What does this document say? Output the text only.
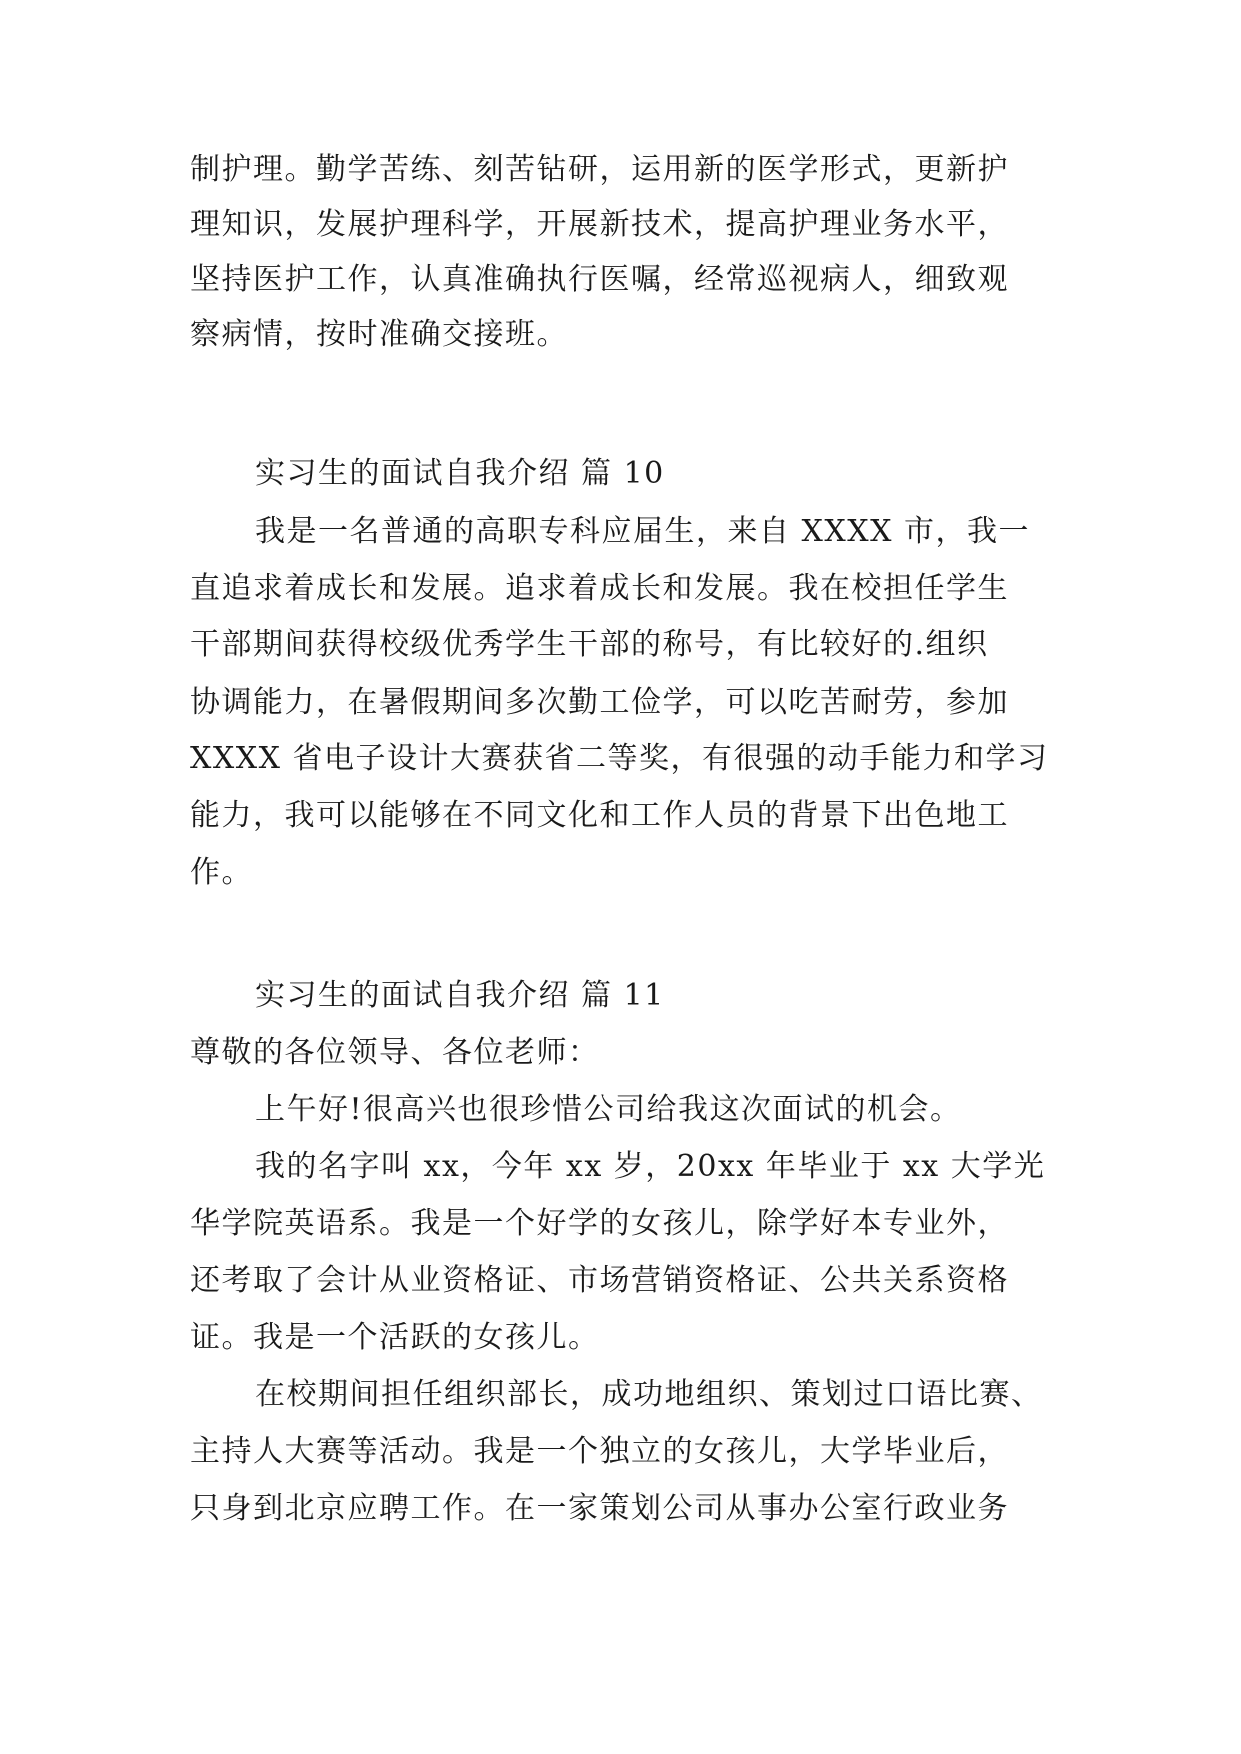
制护理。勤学苦练、刻苦钻研，运用新的医学形式，更新护
理知识，发展护理科学，开展新技术，提高护理业务水平，
坚持医护工作，认真准确执行医嘱，经常巡视病人，细致观
察病情，按时准确交接班。
实习生的面试自我介绍 篇 10
我是一名普通的高职专科应届生，来自 XXXX 市，我一
直追求着成长和发展。追求着成长和发展。我在校担任学生
干部期间获得校级优秀学生干部的称号，有比较好的.组织
协调能力，在暑假期间多次勤工俭学，可以吃苦耐劳，参加
XXXX 省电子设计大赛获省二等奖，有很强的动手能力和学习
能力，我可以能够在不同文化和工作人员的背景下出色地工
作。
实习生的面试自我介绍 篇 11
尊敬的各位领导、各位老师：
上午好!很高兴也很珍惜公司给我这次面试的机会。
我的名字叫 xx，今年 xx 岁，20xx 年毕业于 xx 大学光
华学院英语系。我是一个好学的女孩儿，除学好本专业外，
还考取了会计从业资格证、市场营销资格证、公共关系资格
证。我是一个活跃的女孩儿。
在校期间担任组织部长，成功地组织、策划过口语比赛、
主持人大赛等活动。我是一个独立的女孩儿，大学毕业后，
只身到北京应聘工作。在一家策划公司从事办公室行政业务
